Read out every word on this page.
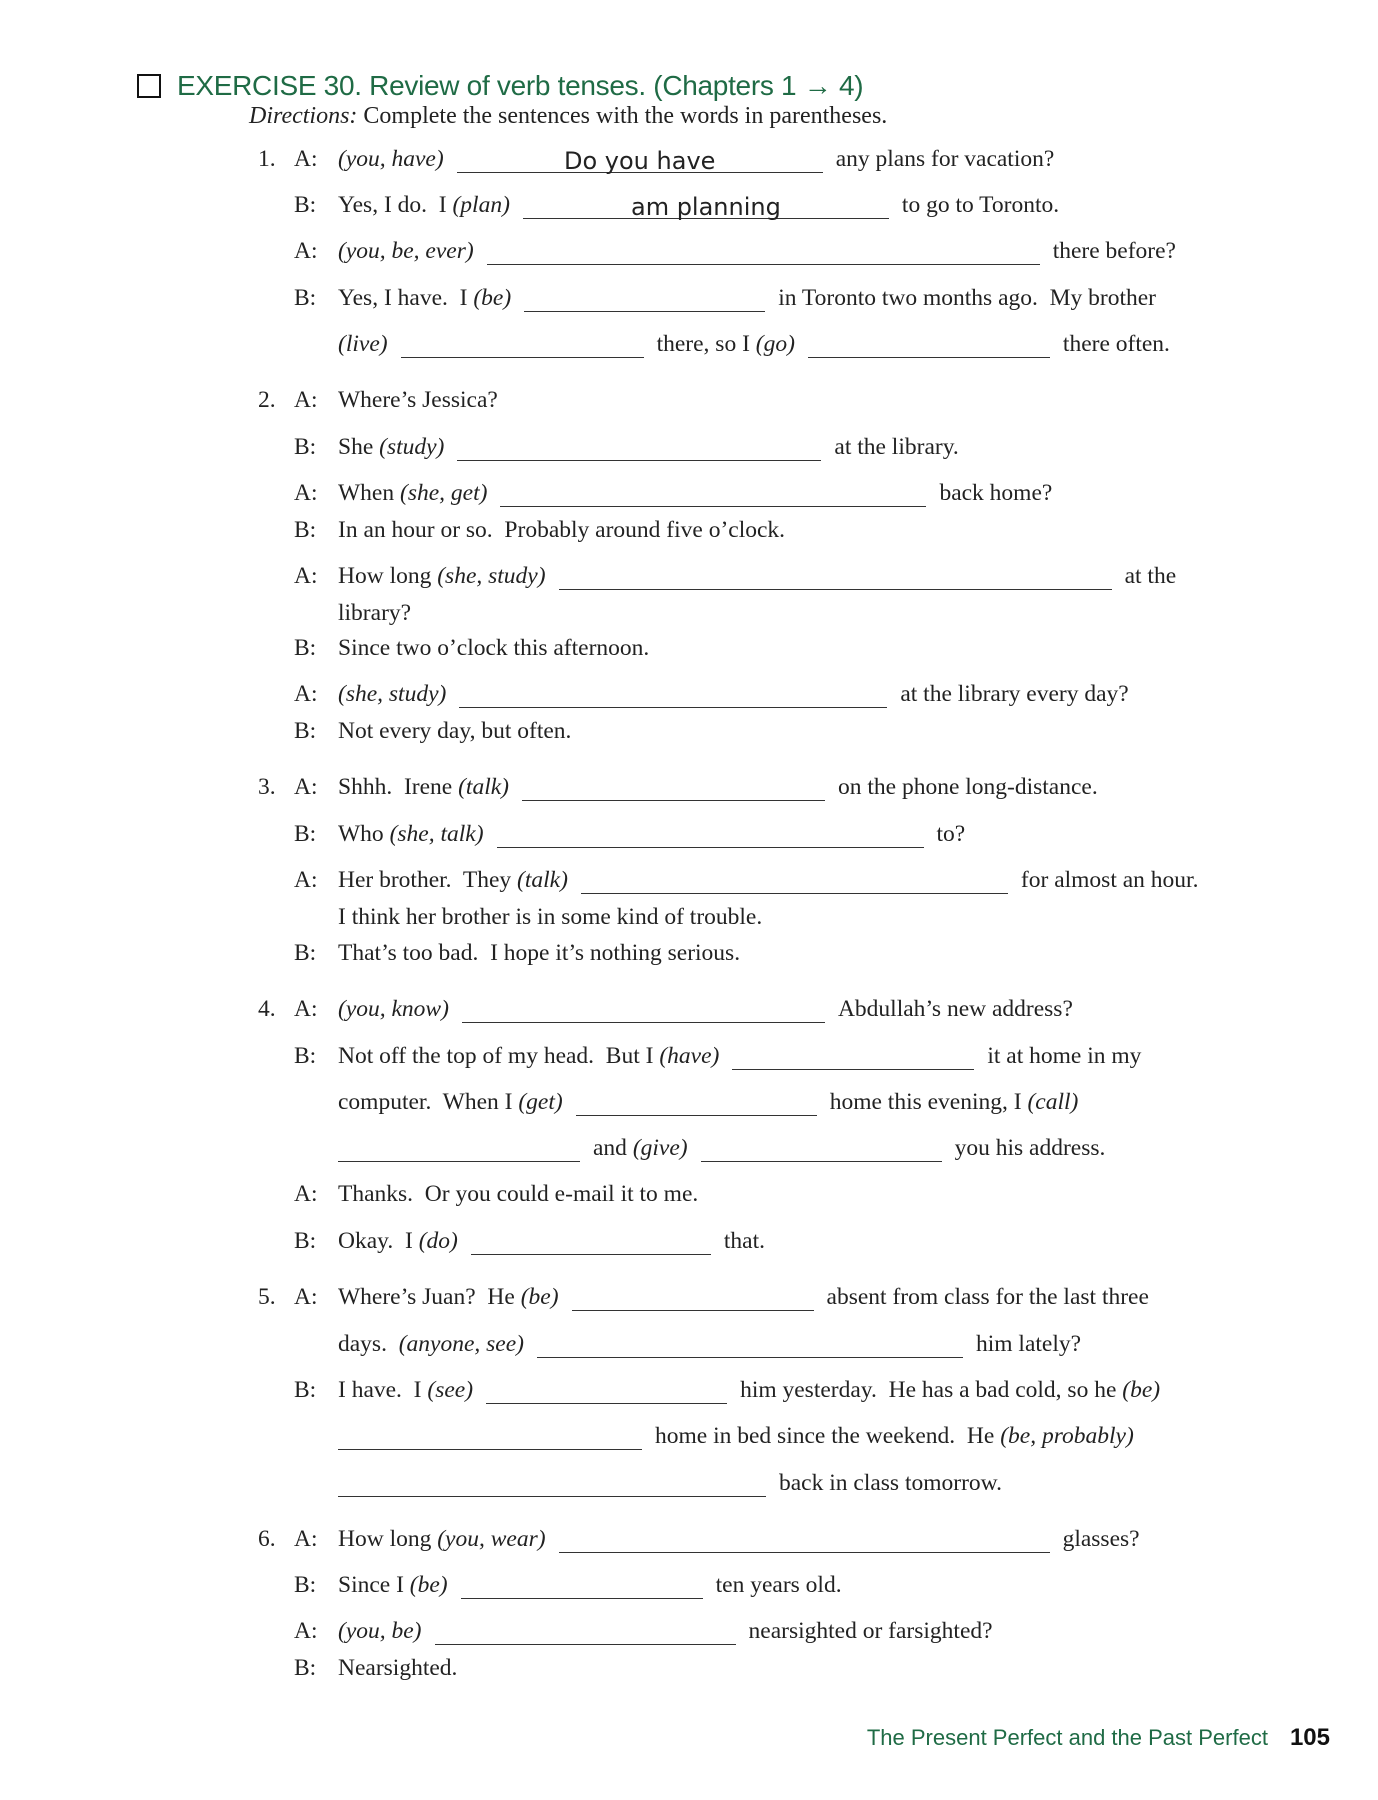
EXERCISE 30. Review of verb tenses. (Chapters 1 → 4)
Directions: Complete the sentences with the words in parentheses.
1. A: (you, have)	Do you have	any plans for vacation?
B: Yes, I do.  I (plan)	am planning	to go to Toronto.
A: (you, be, ever)	there before?
B: Yes, I have.  I (be)	in Toronto two months ago.  My brother
(live)	there, so I (go)	there often.
2. A: Where’s Jessica?
B: She (study)	at the library.
A: When (she, get)	back home?
B: In an hour or so.  Probably around five o’clock.
A: How long (she, study)	at the
library?
B: Since two o’clock this afternoon.
A: (she, study)	at the library every day?
B: Not every day, but often.
3. A: Shhh.  Irene (talk)	on the phone long-distance.
B: Who (she, talk)	to?
A: Her brother.  They (talk)	for almost an hour.
I think her brother is in some kind of trouble.
B: That’s too bad.  I hope it’s nothing serious.
4. A: (you, know)	Abdullah’s new address?
B: Not off the top of my head.  But I (have)	it at home in my
computer.  When I (get)	home this evening, I (call)
and (give)	you his address.
A: Thanks.  Or you could e-mail it to me.
B: Okay.  I (do)	that.
5. A: Where’s Juan?  He (be)	absent from class for the last three
days. (anyone, see)	him lately?
B: I have.  I (see)	him yesterday.  He has a bad cold, so he (be)
home in bed since the weekend.  He (be, probably)
back in class tomorrow.
6. A: How long (you, wear)	glasses?
B: Since I (be)	ten years old.
A: (you, be)	nearsighted or farsighted?
B: Nearsighted.
The Present Perfect and the Past Perfect 105
